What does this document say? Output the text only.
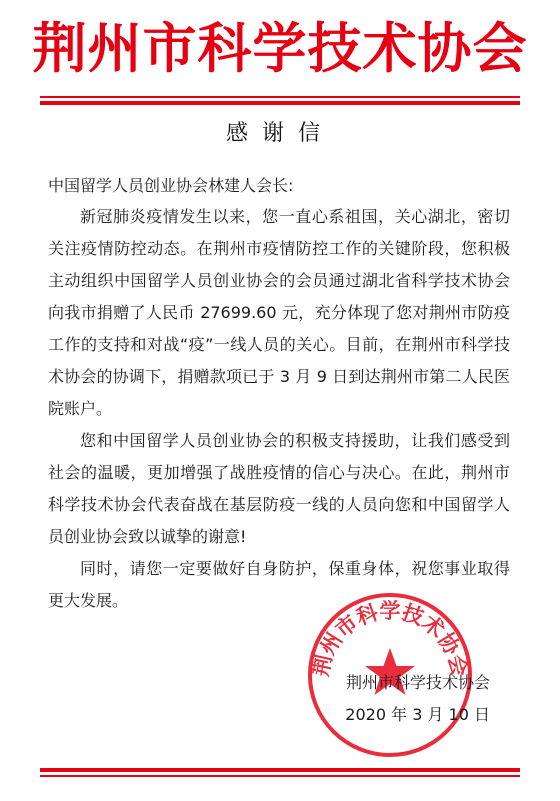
荆州市科学技术协会
感谢信
中国留学人员创业协会林建人会长:

新冠肺炎疫情发生以来，您一直心系祖国，关心湖北，密切关注疫情防控动态。在荆州市疫情防控工作的关键阶段，您积极主动组织中国留学人员创业协会的会员通过湖北省科学技术协会向我市捐赠了人民币 27699.60 元，充分体现了您对荆州市防疫工作的支持和对战“疫”一线人员的关心。目前，在荆州市科学技术协会的协调下，捐赠款项已于 3 月 9 日到达荆州市第二人民医院账户。

您和中国留学人员创业协会的积极支持援助，让我们感受到社会的温暖，更加增强了战胜疫情的信心与决心。在此，荆州市科学技术协会代表奋战在基层防疫一线的人员向您和中国留学人员创业协会致以诚挚的谢意!

同时，请您一定要做好自身防护，保重身体，祝您事业取得更大发展。

荆州市科学技术协会
荆州市科学技术协会
2020 年 3 月 10 日
